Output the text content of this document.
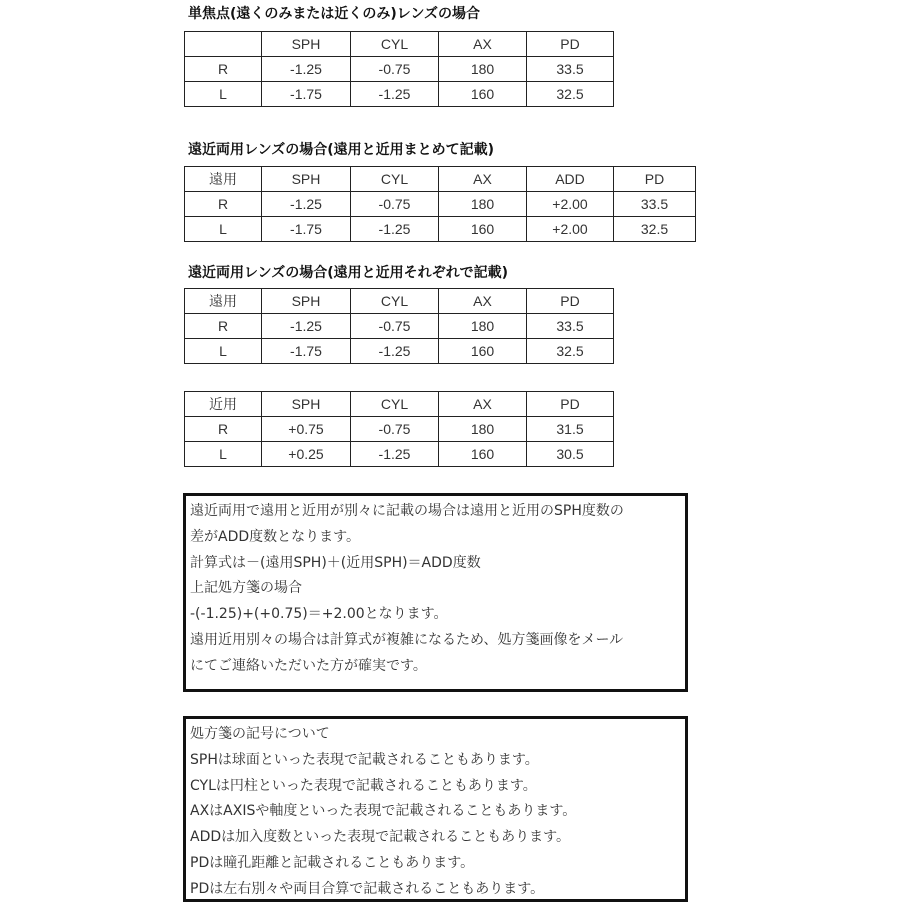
単焦点(遠くのみまたは近くのみ)レンズの場合
	SPH	CYL	AX	PD
R	-1.25	-0.75	180	33.5
L	-1.75	-1.25	160	32.5
遠近両用レンズの場合(遠用と近用まとめて記載)
遠用	SPH	CYL	AX	ADD	PD
R	-1.25	-0.75	180	+2.00	33.5
L	-1.75	-1.25	160	+2.00	32.5
遠近両用レンズの場合(遠用と近用それぞれで記載)
遠用	SPH	CYL	AX	PD
R	-1.25	-0.75	180	33.5
L	-1.75	-1.25	160	32.5
近用	SPH	CYL	AX	PD
R	+0.75	-0.75	180	31.5
L	+0.25	-1.25	160	30.5
遠近両用で遠用と近用が別々に記載の場合は遠用と近用のSPH度数の
差がADD度数となります。
計算式は－(遠用SPH)＋(近用SPH)＝ADD度数
上記処方箋の場合
-(-1.25)+(+0.75)＝+2.00となります。
遠用近用別々の場合は計算式が複雑になるため、処方箋画像をメール
にてご連絡いただいた方が確実です。
処方箋の記号について
SPHは球面といった表現で記載されることもあります。
CYLは円柱といった表現で記載されることもあります。
AXはAXISや軸度といった表現で記載されることもあります。
ADDは加入度数といった表現で記載されることもあります。
PDは瞳孔距離と記載されることもあります。
PDは左右別々や両目合算で記載されることもあります。
